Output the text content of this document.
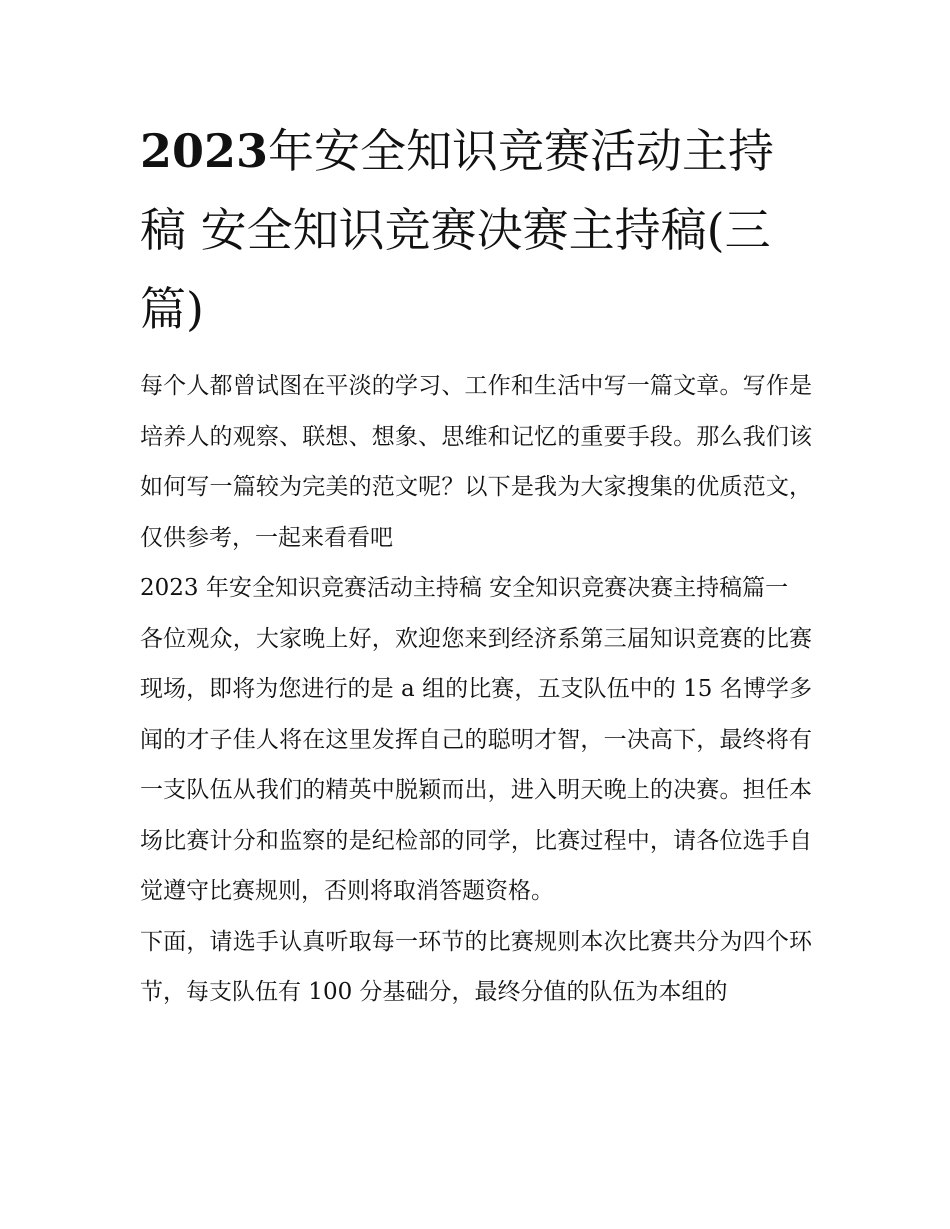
2023年安全知识竞赛活动主持稿 安全知识竞赛决赛主持稿(三篇)

每个人都曾试图在平淡的学习、工作和生活中写一篇文章。写作是培养人的观察、联想、想象、思维和记忆的重要手段。那么我们该如何写一篇较为完美的范文呢？以下是我为大家搜集的优质范文，仅供参考，一起来看看吧

2023 年安全知识竞赛活动主持稿 安全知识竞赛决赛主持稿篇一

各位观众，大家晚上好，欢迎您来到经济系第三届知识竞赛的比赛现场，即将为您进行的是 a 组的比赛，五支队伍中的 15 名博学多闻的才子佳人将在这里发挥自己的聪明才智，一决高下，最终将有一支队伍从我们的精英中脱颖而出，进入明天晚上的决赛。担任本场比赛计分和监察的是纪检部的同学，比赛过程中，请各位选手自觉遵守比赛规则，否则将取消答题资格。

下面，请选手认真听取每一环节的比赛规则本次比赛共分为四个环节，每支队伍有 100 分基础分，最终分值的队伍为本组的
